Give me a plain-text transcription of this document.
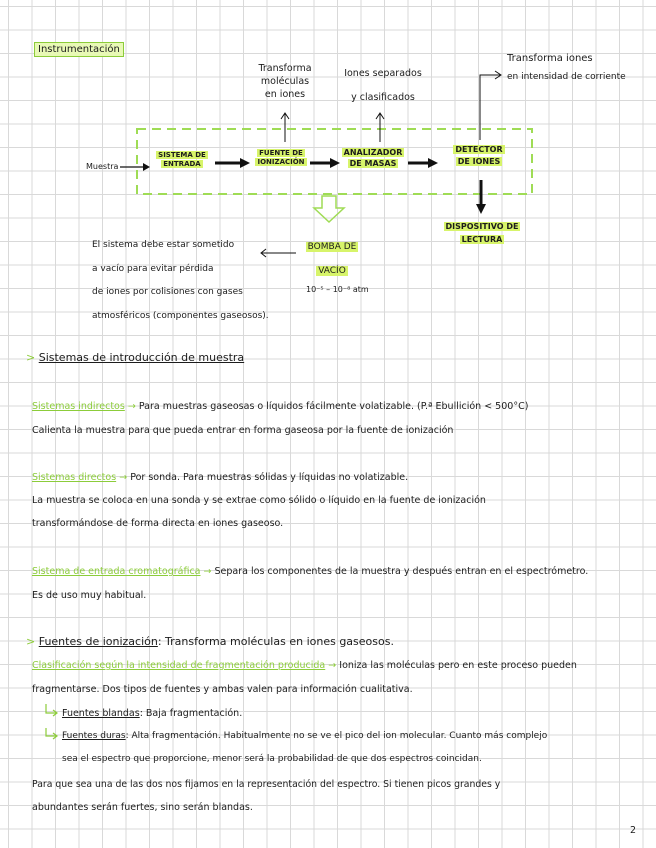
Instrumentación
Muestra
SISTEMA DE
ENTRADA
FUENTE DE
IONIZACIÓN
ANALIZADOR
DE MASAS
DETECTOR
DE IONES
Transforma
moléculas
en iones
Iones separados
y clasificados
Transforma iones
en intensidad de corriente
DISPOSITIVO DE
LECTURA
BOMBA DE
VACÍO
10⁻⁵ – 10⁻⁸ atm
El sistema debe estar sometido
a vacío para evitar pérdida
de iones por colisiones con gases
atmosféricos (componentes gaseosos).
> Sistemas de introducción de muestra
Sistemas indirectos → Para muestras gaseosas o líquidos fácilmente volatizable. (P.ª Ebullición < 500°C)
Calienta la muestra para que pueda entrar en forma gaseosa por la fuente de ionización
Sistemas directos → Por sonda. Para muestras sólidas y líquidas no volatizable.
La muestra se coloca en una sonda y se extrae como sólido o líquido en la fuente de ionización
transformándose de forma directa en iones gaseoso.
Sistema de entrada cromatográfica → Separa los componentes de la muestra y después entran en el espectrómetro.
Es de uso muy habitual.
> Fuentes de ionización: Transforma moléculas en iones gaseosos.
Clasificación según la intensidad de fragmentación producida → Ioniza las moléculas pero en este proceso pueden
fragmentarse. Dos tipos de fuentes y ambas valen para información cualitativa.
Fuentes blandas: Baja fragmentación.
Fuentes duras: Alta fragmentación. Habitualmente no se ve el pico del ion molecular. Cuanto más complejo
sea el espectro que proporcione, menor será la probabilidad de que dos espectros coincidan.
Para que sea una de las dos nos fijamos en la representación del espectro. Si tienen picos grandes y
abundantes serán fuertes, sino serán blandas.
2
